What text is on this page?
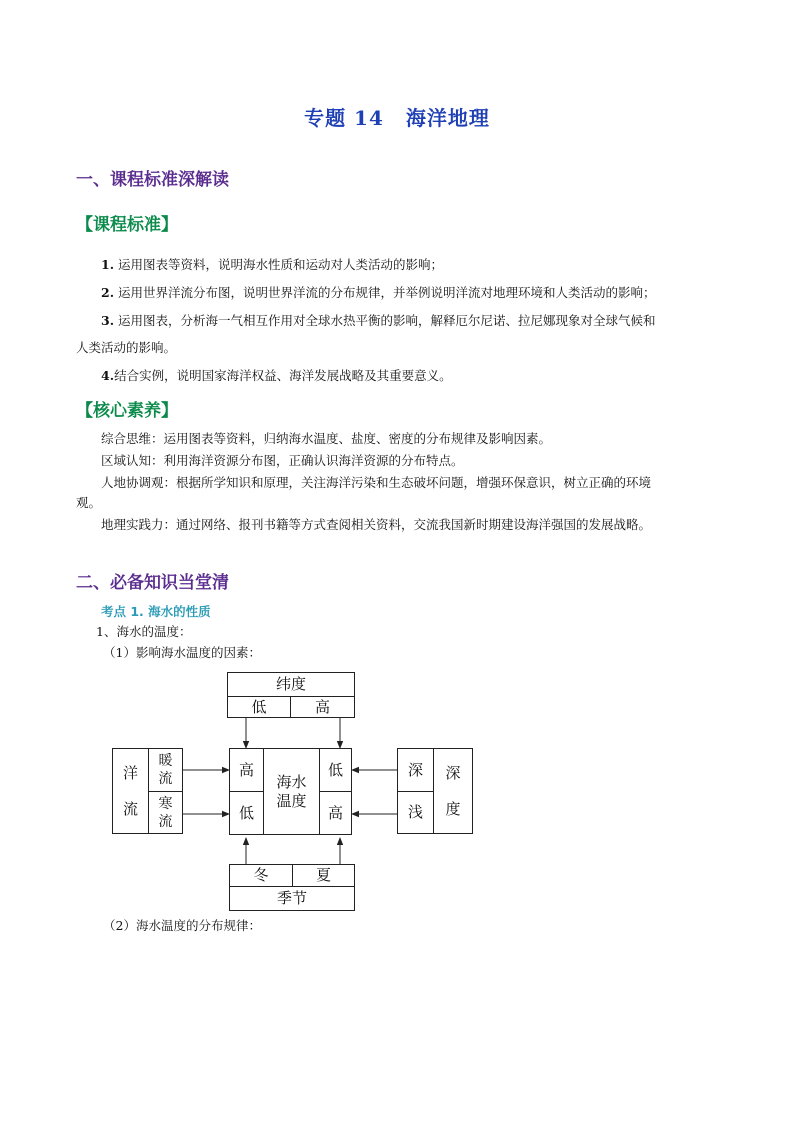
专题 14 海洋地理
一、课程标准深解读
【课程标准】
1. 运用图表等资料，说明海水性质和运动对人类活动的影响；
2. 运用世界洋流分布图，说明世界洋流的分布规律，并举例说明洋流对地理环境和人类活动的影响；
3. 运用图表，分析海一气相互作用对全球水热平衡的影响，解释厄尔尼诺、拉尼娜现象对全球气候和
人类活动的影响。
4.结合实例，说明国家海洋权益、海洋发展战略及其重要意义。
【核心素养】
综合思维：运用图表等资料，归纳海水温度、盐度、密度的分布规律及影响因素。
区域认知：利用海洋资源分布图，正确认识海洋资源的分布特点。
人地协调观：根据所学知识和原理，关注海洋污染和生态破坏问题，增强环保意识，树立正确的环境
观。
地理实践力：通过网络、报刊书籍等方式查阅相关资料，交流我国新时期建设海洋强国的发展战略。
二、必备知识当堂清
考点 1. 海水的性质
1、海水的温度：
（1）影响海水温度的因素：
纬度
低	高
洋
流
暖流
寒流
高
低
海水温度
低
高
深
浅
深
度
冬	夏
季节
（2）海水温度的分布规律：
